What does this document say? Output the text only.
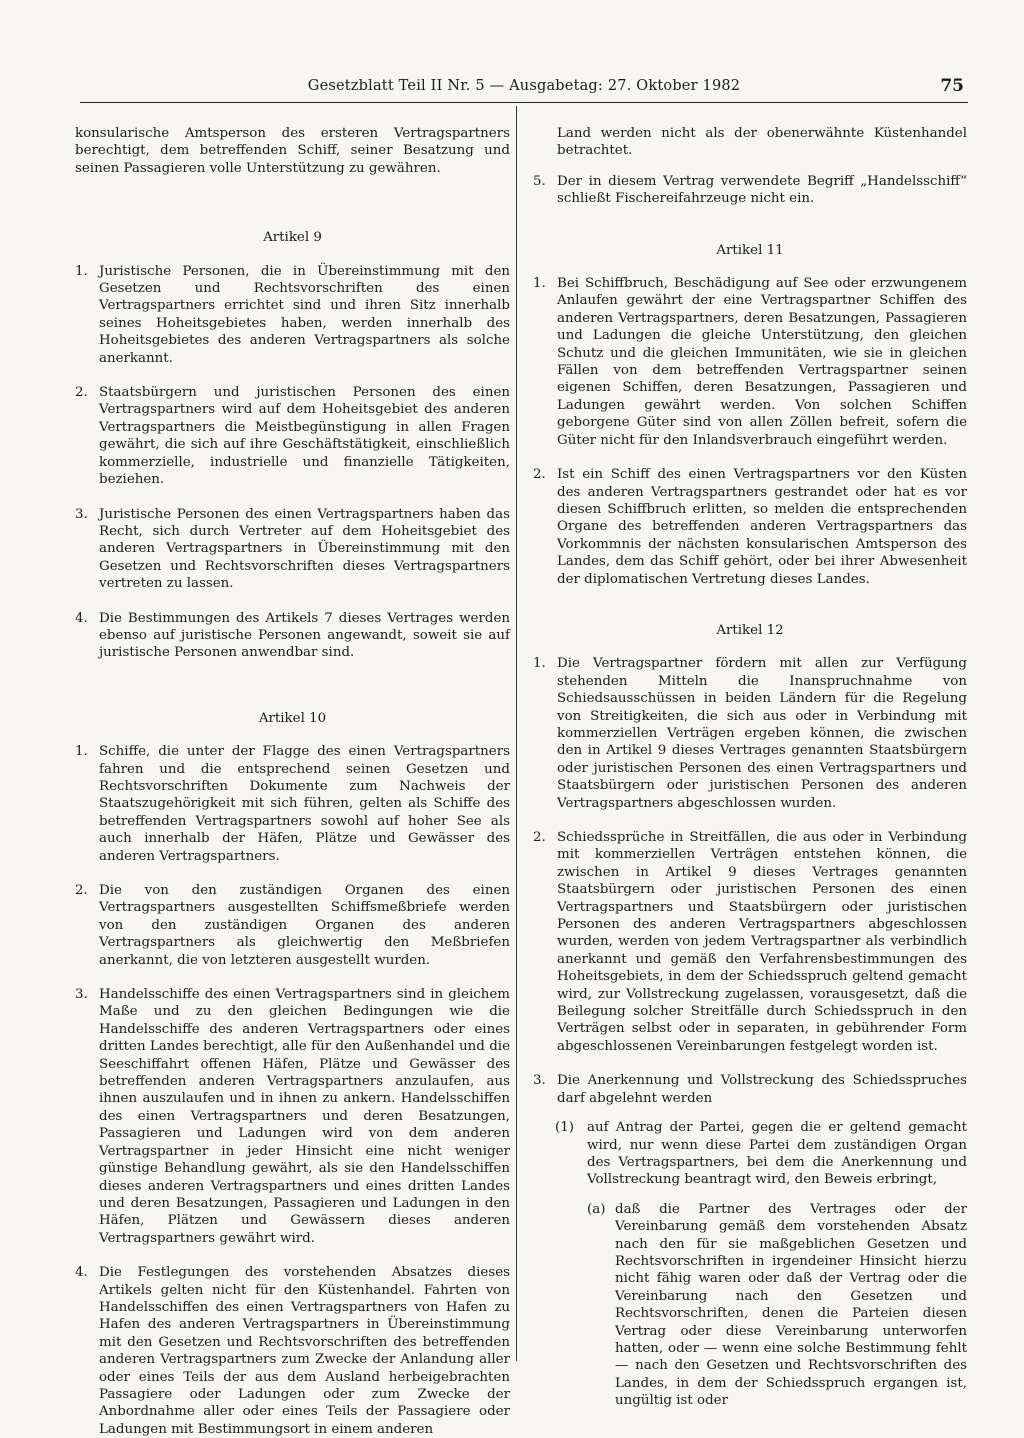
Gesetzblatt Teil II Nr. 5 — Ausgabetag: 27. Oktober 1982	75

konsularische Amtsperson des ersteren Vertragspartners berechtigt, dem betreffenden Schiff, seiner Besatzung und seinen Passagieren volle Unterstützung zu gewähren.

Artikel 9

1. Juristische Personen, die in Übereinstimmung mit den Gesetzen und Rechtsvorschriften des einen Vertragspartners errichtet sind und ihren Sitz innerhalb seines Hoheitsgebietes haben, werden innerhalb des Hoheitsgebietes des anderen Vertragspartners als solche anerkannt.
2. Staatsbürgern und juristischen Personen des einen Vertragspartners wird auf dem Hoheitsgebiet des anderen Vertragspartners die Meistbegünstigung in allen Fragen gewährt, die sich auf ihre Geschäftstätigkeit, einschließlich kommerzielle, industrielle und finanzielle Tätigkeiten, beziehen.
3. Juristische Personen des einen Vertragspartners haben das Recht, sich durch Vertreter auf dem Hoheitsgebiet des anderen Vertragspartners in Übereinstimmung mit den Gesetzen und Rechtsvorschriften dieses Vertragspartners vertreten zu lassen.
4. Die Bestimmungen des Artikels 7 dieses Vertrages werden ebenso auf juristische Personen angewandt, soweit sie auf juristische Personen anwendbar sind.

Artikel 10

1. Schiffe, die unter der Flagge des einen Vertragspartners fahren und die entsprechend seinen Gesetzen und Rechtsvorschriften Dokumente zum Nachweis der Staatszugehörigkeit mit sich führen, gelten als Schiffe des betreffenden Vertragspartners sowohl auf hoher See als auch innerhalb der Häfen, Plätze und Gewässer des anderen Vertragspartners.
2. Die von den zuständigen Organen des einen Vertragspartners ausgestellten Schiffsmeßbriefe werden von den zuständigen Organen des anderen Vertragspartners als gleichwertig den Meßbriefen anerkannt, die von letzteren ausgestellt wurden.
3. Handelsschiffe des einen Vertragspartners sind in gleichem Maße und zu den gleichen Bedingungen wie die Handelsschiffe des anderen Vertragspartners oder eines dritten Landes berechtigt, alle für den Außenhandel und die Seeschiffahrt offenen Häfen, Plätze und Gewässer des betreffenden anderen Vertragspartners anzulaufen, aus ihnen auszulaufen und in ihnen zu ankern. Handelsschiffen des einen Vertragspartners und deren Besatzungen, Passagieren und Ladungen wird von dem anderen Vertragspartner in jeder Hinsicht eine nicht weniger günstige Behandlung gewährt, als sie den Handelsschiffen dieses anderen Vertragspartners und eines dritten Landes und deren Besatzungen, Passagieren und Ladungen in den Häfen, Plätzen und Gewässern dieses anderen Vertragspartners gewährt wird.
4. Die Festlegungen des vorstehenden Absatzes dieses Artikels gelten nicht für den Küstenhandel. Fahrten von Handelsschiffen des einen Vertragspartners von Hafen zu Hafen des anderen Vertragspartners in Übereinstimmung mit den Gesetzen und Rechtsvorschriften des betreffenden anderen Vertragspartners zum Zwecke der Anlandung aller oder eines Teils der aus dem Ausland herbeigebrachten Passagiere oder Ladungen oder zum Zwecke der Anbordnahme aller oder eines Teils der Passagiere oder Ladungen mit Bestimmungsort in einem anderen

Land werden nicht als der obenerwähnte Küstenhandel betrachtet.

5. Der in diesem Vertrag verwendete Begriff „Handelsschiff“ schließt Fischereifahrzeuge nicht ein.

Artikel 11

1. Bei Schiffbruch, Beschädigung auf See oder erzwungenem Anlaufen gewährt der eine Vertragspartner Schiffen des anderen Vertragspartners, deren Besatzungen, Passagieren und Ladungen die gleiche Unterstützung, den gleichen Schutz und die gleichen Immunitäten, wie sie in gleichen Fällen von dem betreffenden Vertragspartner seinen eigenen Schiffen, deren Besatzungen, Passagieren und Ladungen gewährt werden. Von solchen Schiffen geborgene Güter sind von allen Zöllen befreit, sofern die Güter nicht für den Inlandsverbrauch eingeführt werden.
2. Ist ein Schiff des einen Vertragspartners vor den Küsten des anderen Vertragspartners gestrandet oder hat es vor diesen Schiffbruch erlitten, so melden die entsprechenden Organe des betreffenden anderen Vertragspartners das Vorkommnis der nächsten konsularischen Amtsperson des Landes, dem das Schiff gehört, oder bei ihrer Abwesenheit der diplomatischen Vertretung dieses Landes.

Artikel 12

1. Die Vertragspartner fördern mit allen zur Verfügung stehenden Mitteln die Inanspruchnahme von Schiedsausschüssen in beiden Ländern für die Regelung von Streitigkeiten, die sich aus oder in Verbindung mit kommerziellen Verträgen ergeben können, die zwischen den in Artikel 9 dieses Vertrages genannten Staatsbürgern oder juristischen Personen des einen Vertragspartners und Staatsbürgern oder juristischen Personen des anderen Vertragspartners abgeschlossen wurden.
2. Schiedssprüche in Streitfällen, die aus oder in Verbindung mit kommerziellen Verträgen entstehen können, die zwischen in Artikel 9 dieses Vertrages genannten Staatsbürgern oder juristischen Personen des einen Vertragspartners und Staatsbürgern oder juristischen Personen des anderen Vertragspartners abgeschlossen wurden, werden von jedem Vertragspartner als verbindlich anerkannt und gemäß den Verfahrensbestimmungen des Hoheitsgebiets, in dem der Schiedsspruch geltend gemacht wird, zur Vollstreckung zugelassen, vorausgesetzt, daß die Beilegung solcher Streitfälle durch Schiedsspruch in den Verträgen selbst oder in separaten, in gebührender Form abgeschlossenen Vereinbarungen festgelegt worden ist.
3. Die Anerkennung und Vollstreckung des Schiedsspruches darf abgelehnt werden
(1) auf Antrag der Partei, gegen die er geltend gemacht wird, nur wenn diese Partei dem zuständigen Organ des Vertragspartners, bei dem die Anerkennung und Vollstreckung beantragt wird, den Beweis erbringt,
(a) daß die Partner des Vertrages oder der Vereinbarung gemäß dem vorstehenden Absatz nach den für sie maßgeblichen Gesetzen und Rechtsvorschriften in irgendeiner Hinsicht hierzu nicht fähig waren oder daß der Vertrag oder die Vereinbarung nach den Gesetzen und Rechtsvorschriften, denen die Parteien diesen Vertrag oder diese Vereinbarung unterworfen hatten, oder — wenn eine solche Bestimmung fehlt — nach den Gesetzen und Rechtsvorschriften des Landes, in dem der Schiedsspruch ergangen ist, ungültig ist oder
